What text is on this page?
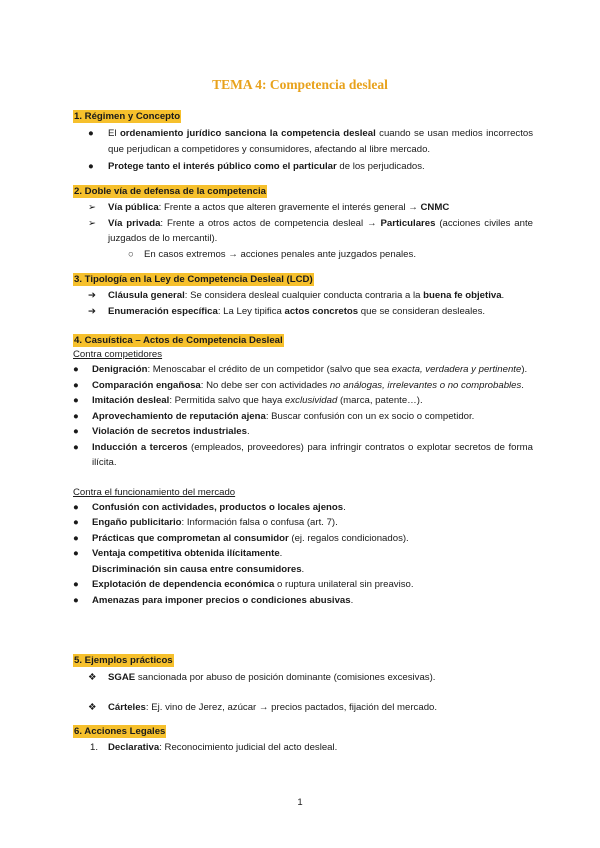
TEMA 4: Competencia desleal
1. Régimen y Concepto
● El ordenamiento jurídico sanciona la competencia desleal cuando se usan medios incorrectos que perjudican a competidores y consumidores, afectando al libre mercado.
● Protege tanto el interés público como el particular de los perjudicados.
2. Doble vía de defensa de la competencia
➢ Vía pública: Frente a actos que alteren gravemente el interés general → CNMC
➢ Vía privada: Frente a otros actos de competencia desleal → Particulares (acciones civiles ante juzgados de lo mercantil).
○ En casos extremos → acciones penales ante juzgados penales.
3. Tipología en la Ley de Competencia Desleal (LCD)
➔ Cláusula general: Se considera desleal cualquier conducta contraria a la buena fe objetiva.
➔ Enumeración específica: La Ley tipifica actos concretos que se consideran desleales.
4. Casuística – Actos de Competencia Desleal
Contra competidores
● Denigración: Menoscabar el crédito de un competidor (salvo que sea exacta, verdadera y pertinente).
● Comparación engañosa: No debe ser con actividades no análogas, irrelevantes o no comprobables.
● Imitación desleal: Permitida salvo que haya exclusividad (marca, patente…).
● Aprovechamiento de reputación ajena: Buscar confusión con un ex socio o competidor.
● Violación de secretos industriales.
● Inducción a terceros (empleados, proveedores) para infringir contratos o explotar secretos de forma ilícita.
Contra el funcionamiento del mercado
● Confusión con actividades, productos o locales ajenos.
● Engaño publicitario: Información falsa o confusa (art. 7).
● Prácticas que comprometan al consumidor (ej. regalos condicionados).
● Ventaja competitiva obtenida ilícitamente.
Discriminación sin causa entre consumidores.
● Explotación de dependencia económica o ruptura unilateral sin preaviso.
● Amenazas para imponer precios o condiciones abusivas.
5. Ejemplos prácticos
❖ SGAE sancionada por abuso de posición dominante (comisiones excesivas).
❖ Cárteles: Ej. vino de Jerez, azúcar → precios pactados, fijación del mercado.
6. Acciones Legales
1. Declarativa: Reconocimiento judicial del acto desleal.
1
